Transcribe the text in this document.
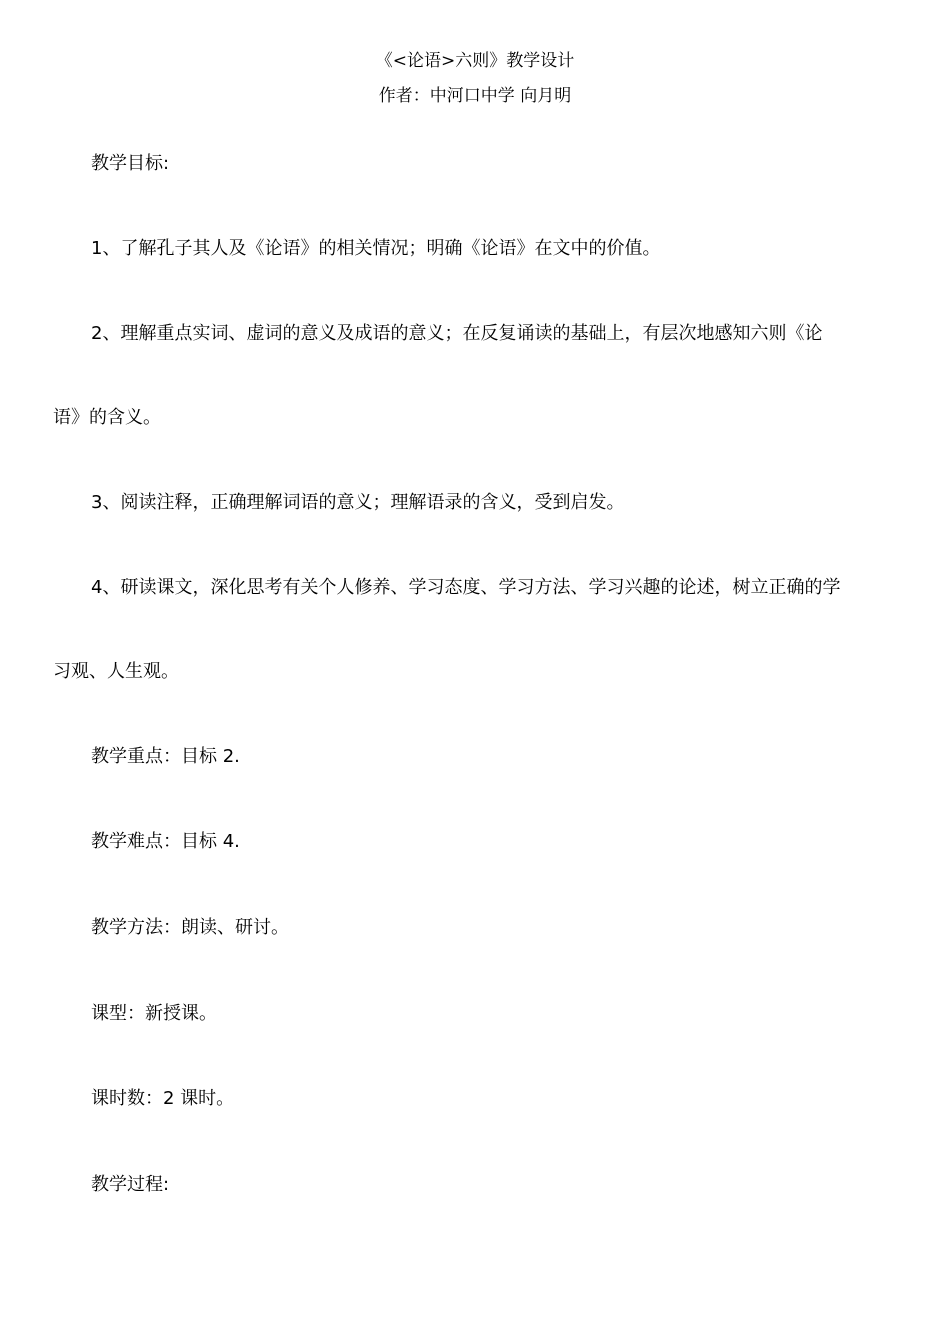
《<论语>六则》教学设计
作者：中河口中学 向月明
教学目标:
1、了解孔子其人及《论语》的相关情况；明确《论语》在文中的价值。
2、理解重点实词、虚词的意义及成语的意义；在反复诵读的基础上，有层次地感知六则《论
语》的含义。
3、阅读注释，正确理解词语的意义；理解语录的含义，受到启发。
4、研读课文，深化思考有关个人修养、学习态度、学习方法、学习兴趣的论述，树立正确的学
习观、人生观。
教学重点：目标 2.
教学难点：目标 4.
教学方法：朗读、研讨。
课型：新授课。
课时数：2 课时。
教学过程:
